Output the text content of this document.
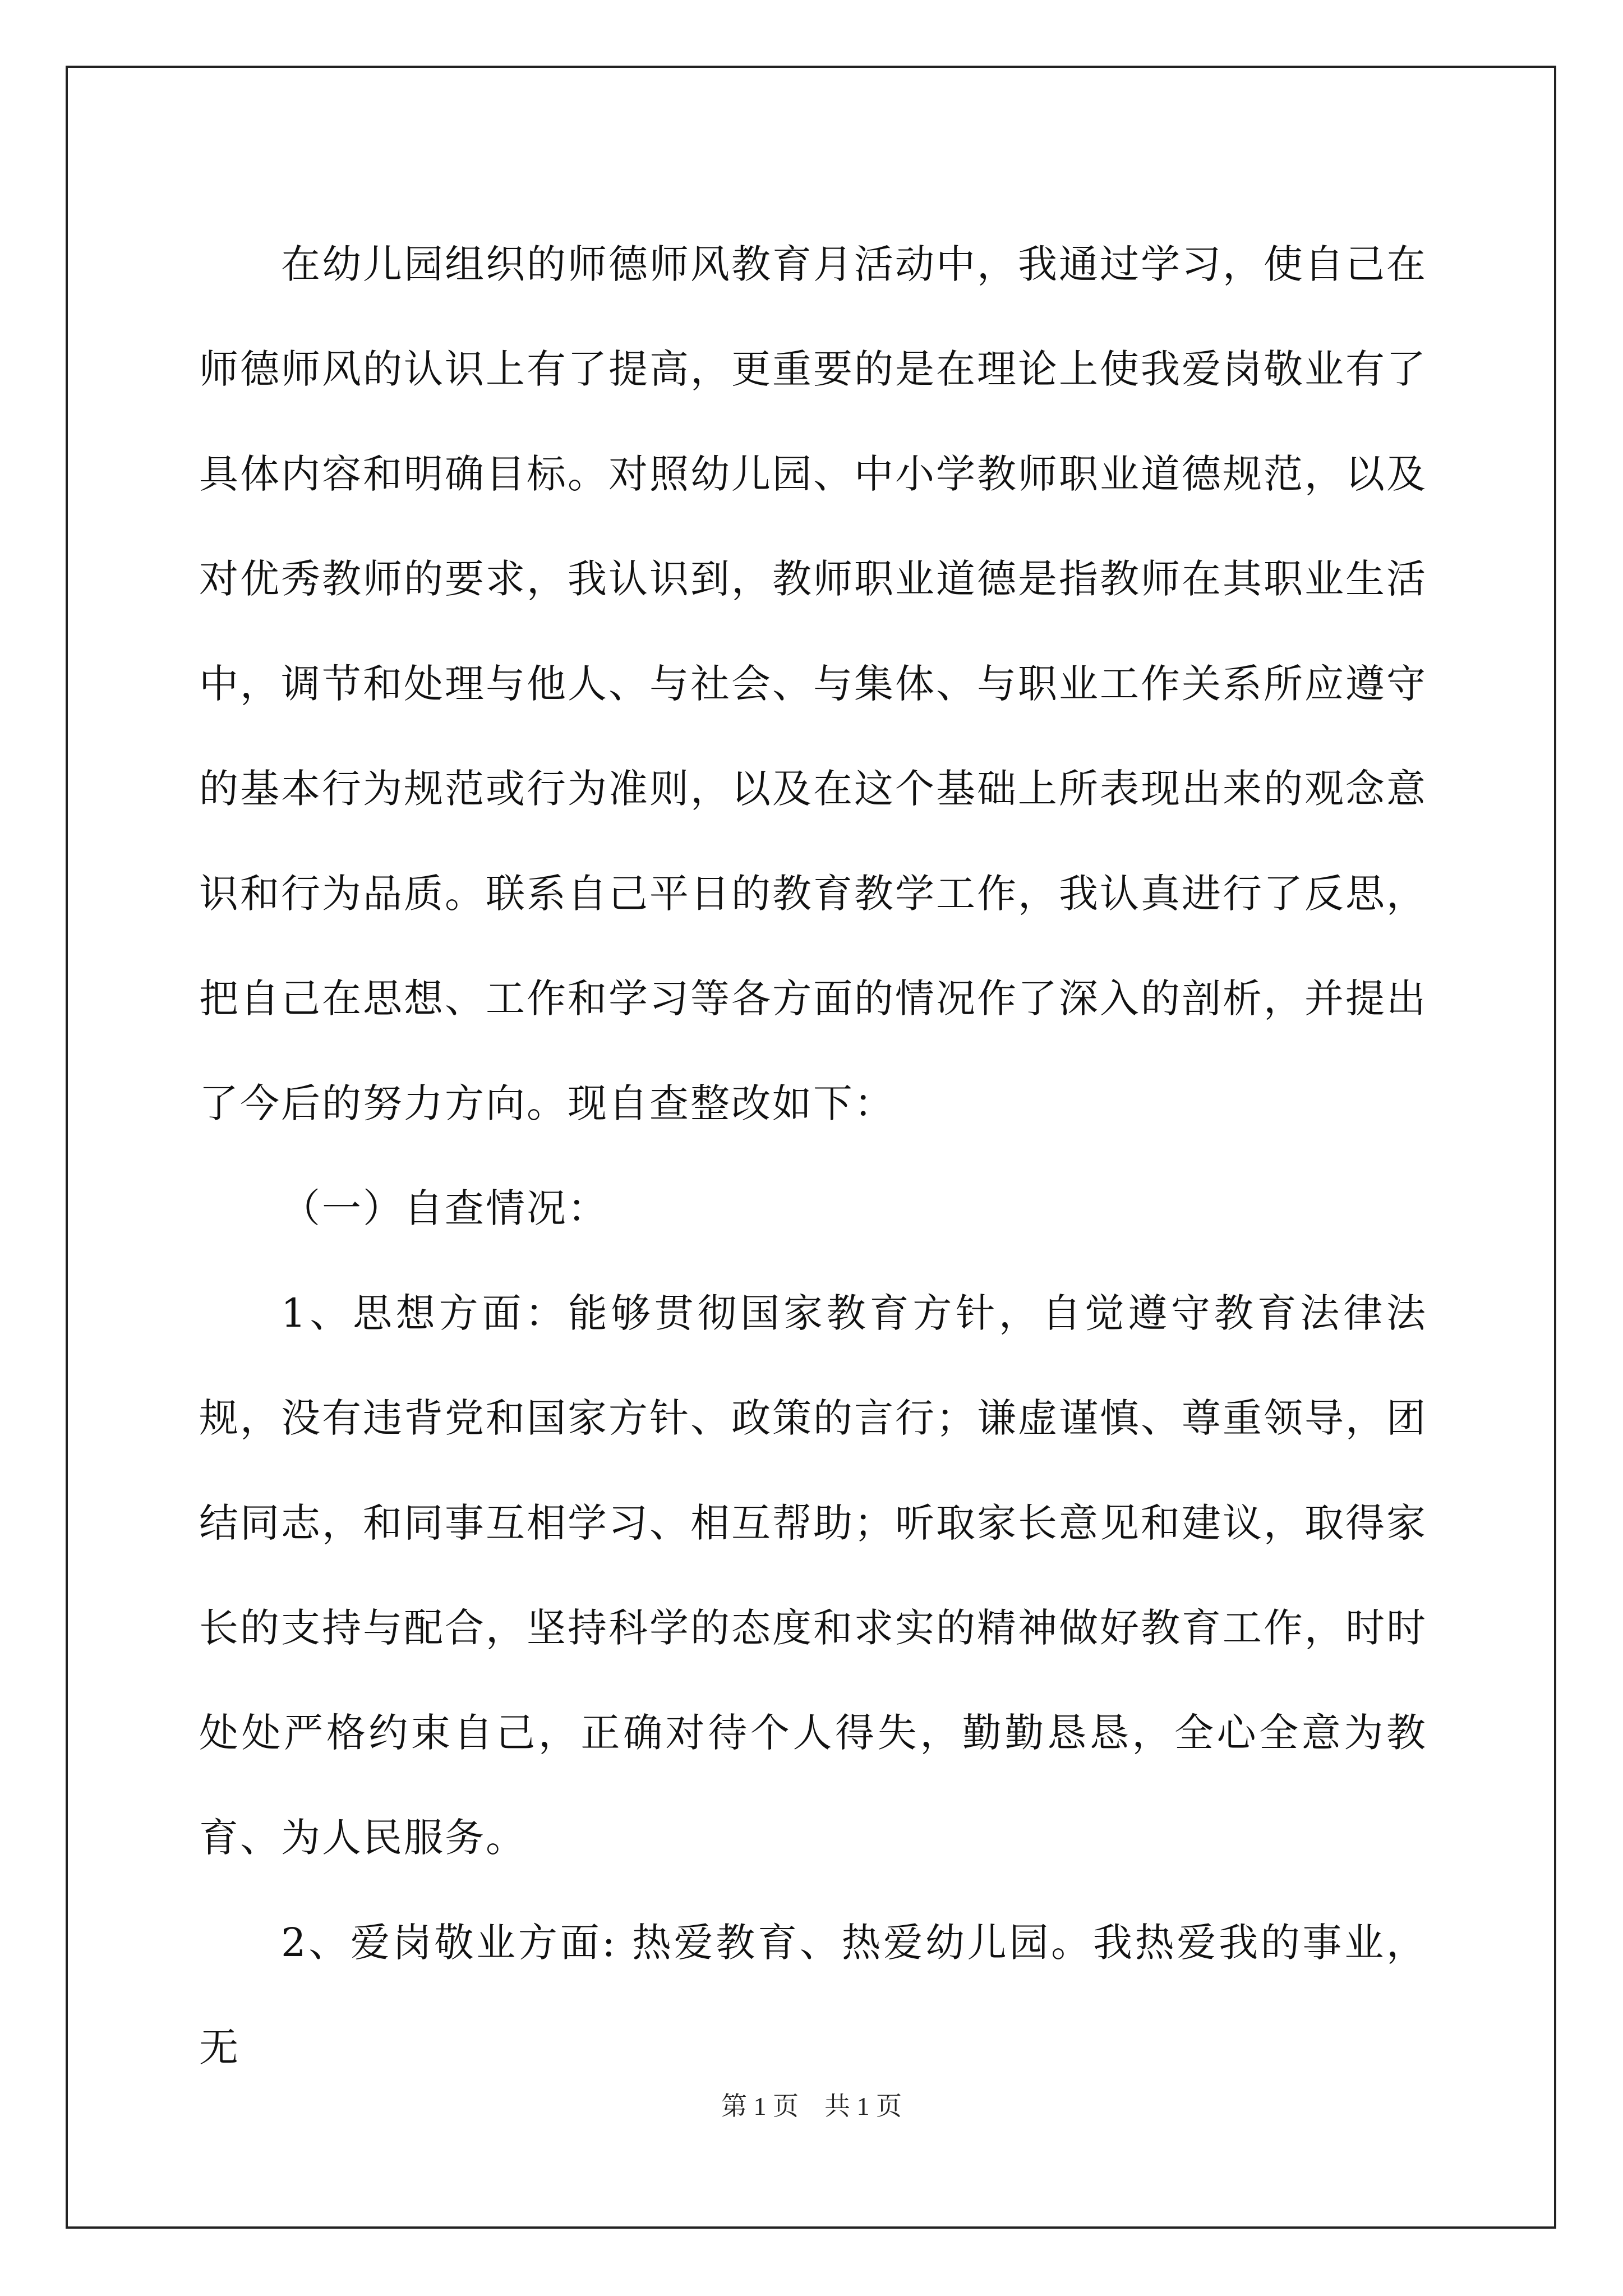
在幼儿园组织的师德师风教育月活动中，我通过学习，使自己在师德师风的认识上有了提高，更重要的是在理论上使我爱岗敬业有了具体内容和明确目标。对照幼儿园、中小学教师职业道德规范，以及对优秀教师的要求，我认识到，教师职业道德是指教师在其职业生活中，调节和处理与他人、与社会、与集体、与职业工作关系所应遵守的基本行为规范或行为准则，以及在这个基础上所表现出来的观念意识和行为品质。联系自己平日的教育教学工作，我认真进行了反思，把自己在思想、工作和学习等各方面的情况作了深入的剖析，并提出了今后的努力方向。现自查整改如下：

（一）自查情况：

1、思想方面：能够贯彻国家教育方针，自觉遵守教育法律法规，没有违背党和国家方针、政策的言行；谦虚谨慎、尊重领导，团结同志，和同事互相学习、相互帮助；听取家长意见和建议，取得家长的支持与配合，坚持科学的态度和求实的精神做好教育工作，时时处处严格约束自己，正确对待个人得失，勤勤恳恳，全心全意为教育、为人民服务。

2、爱岗敬业方面: 热爱教育、热爱幼儿园。我热爱我的事业，无

第 1 页    共 1 页
